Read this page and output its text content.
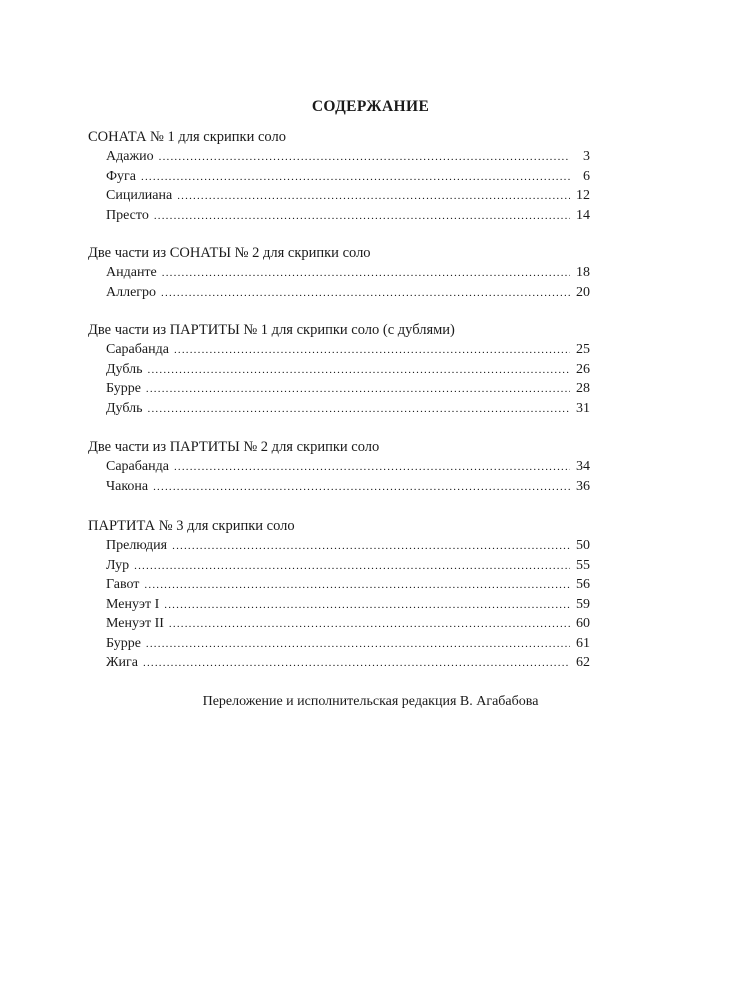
СОДЕРЖАНИЕ
СОНАТА № 1 для скрипки соло
Адажио .....	3
Фуга .....	6
Сицилиана .....	12
Престо .....	14
Две части из СОНАТЫ № 2 для скрипки соло
Анданте .....	18
Аллегро .....	20
Две части из ПАРТИТЫ № 1 для скрипки соло (с дублями)
Сарабанда .....	25
Дубль .....	26
Бурре .....	28
Дубль .....	31
Две части из ПАРТИТЫ № 2 для скрипки соло
Сарабанда .....	34
Чакона .....	36
ПАРТИТА № 3 для скрипки соло
Прелюдия .....	50
Лур .....	55
Гавот .....	56
Менуэт I .....	59
Менуэт II .....	60
Бурре .....	61
Жига .....	62
Переложение и исполнительская редакция В. Агабабова
